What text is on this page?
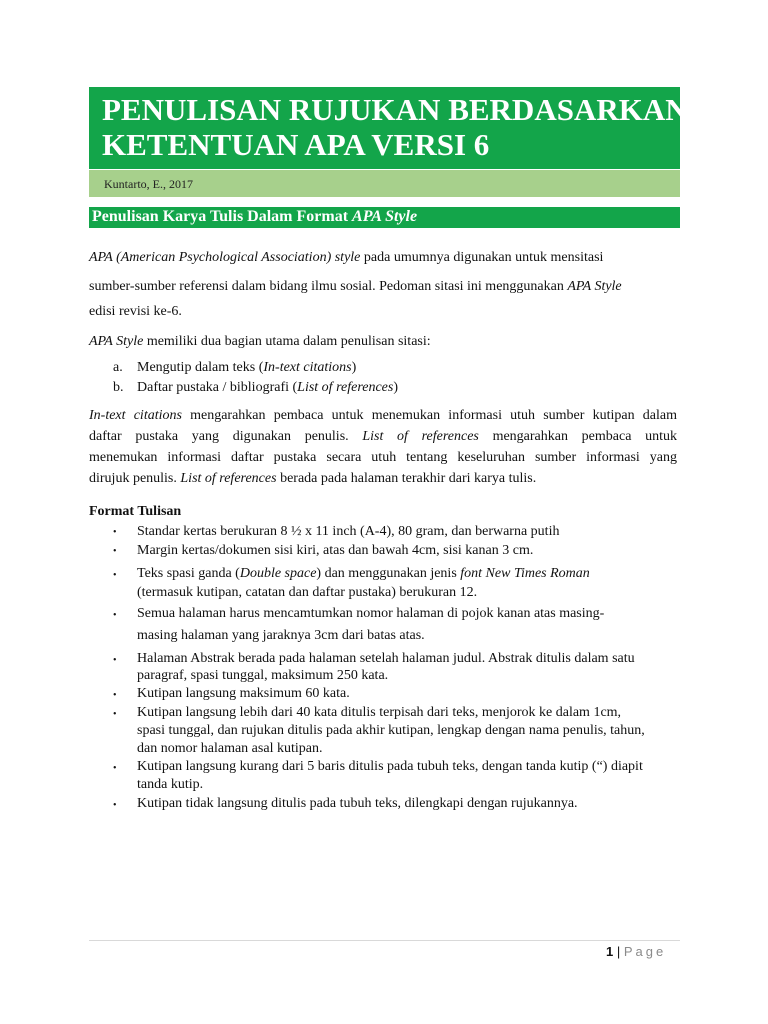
PENULISAN RUJUKAN BERDASARKAN
KETENTUAN APA VERSI 6
Kuntarto, E., 2017
Penulisan Karya Tulis Dalam Format APA Style
APA (American Psychological Association) style pada umumnya digunakan untuk mensitasi
sumber-sumber referensi dalam bidang ilmu sosial. Pedoman sitasi ini menggunakan APA Style
edisi revisi ke-6.
APA Style memiliki dua bagian utama dalam penulisan sitasi:
a. Mengutip dalam teks (In-text citations)
b. Daftar pustaka / bibliografi (List of references)
In-text citations mengarahkan pembaca untuk menemukan informasi utuh sumber kutipan dalam
daftar pustaka yang digunakan penulis. List of references mengarahkan pembaca untuk
menemukan informasi daftar pustaka secara utuh tentang keseluruhan sumber informasi yang
dirujuk penulis. List of references berada pada halaman terakhir dari karya tulis.
Format Tulisan
• Standar kertas berukuran 8 ½ x 11 inch (A-4), 80 gram, dan berwarna putih
• Margin kertas/dokumen sisi kiri, atas dan bawah 4cm, sisi kanan 3 cm.
• Teks spasi ganda (Double space) dan menggunakan jenis font New Times Roman
(termasuk kutipan, catatan dan daftar pustaka) berukuran 12.
• Semua halaman harus mencamtumkan nomor halaman di pojok kanan atas masing-
masing halaman yang jaraknya 3cm dari batas atas.
• Halaman Abstrak berada pada halaman setelah halaman judul. Abstrak ditulis dalam satu
paragraf, spasi tunggal, maksimum 250 kata.
• Kutipan langsung maksimum 60 kata.
• Kutipan langsung lebih dari 40 kata ditulis terpisah dari teks, menjorok ke dalam 1cm,
spasi tunggal, dan rujukan ditulis pada akhir kutipan, lengkap dengan nama penulis, tahun,
dan nomor halaman asal kutipan.
• Kutipan langsung kurang dari 5 baris ditulis pada tubuh teks, dengan tanda kutip (“) diapit
tanda kutip.
• Kutipan tidak langsung ditulis pada tubuh teks, dilengkapi dengan rujukannya.
1 | Page
